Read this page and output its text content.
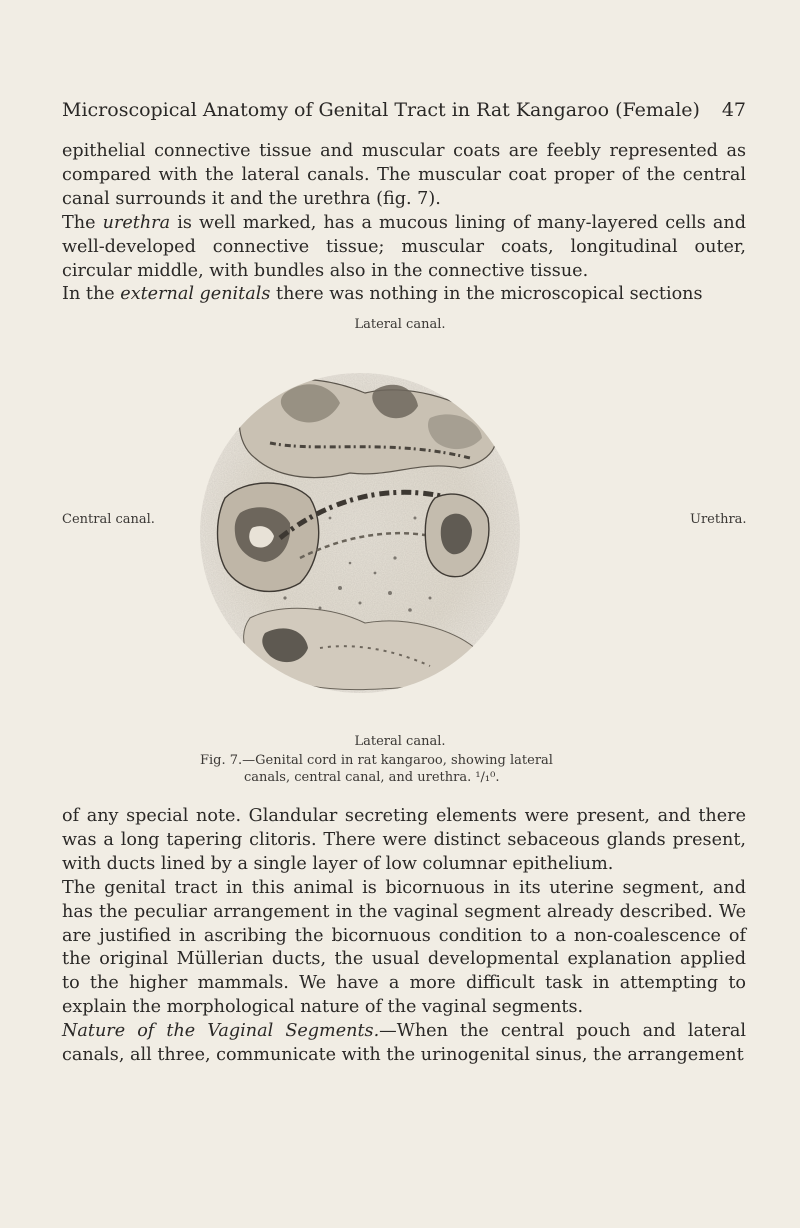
Microscopical Anatomy of Genital Tract in Rat Kangaroo (Female) 47

epithelial connective tissue and muscular coats are feebly represented as compared with the lateral canals. The muscular coat proper of the central canal surrounds it and the urethra (fig. 7).

The urethra is well marked, has a mucous lining of many-layered cells and well-developed connective tissue; muscular coats, longitudinal outer, circular middle, with bundles also in the connective tissue.

In the external genitals there was nothing in the microscopical sections

Lateral canal.
Central canal.	Urethra.
Lateral canal.
Fig. 7.—Genital cord in rat kangaroo, showing lateral
canals, central canal, and urethra. ¹/₁⁰.

of any special note. Glandular secreting elements were present, and there was a long tapering clitoris. There were distinct sebaceous glands present, with ducts lined by a single layer of low columnar epithelium.

The genital tract in this animal is bicornuous in its uterine segment, and has the peculiar arrangement in the vaginal segment already described. We are justified in ascribing the bicornuous condition to a non-coalescence of the original Müllerian ducts, the usual developmental explanation applied to the higher mammals. We have a more difficult task in attempting to explain the morphological nature of the vaginal segments.

Nature of the Vaginal Segments.—When the central pouch and lateral canals, all three, communicate with the urinogenital sinus, the arrangement
